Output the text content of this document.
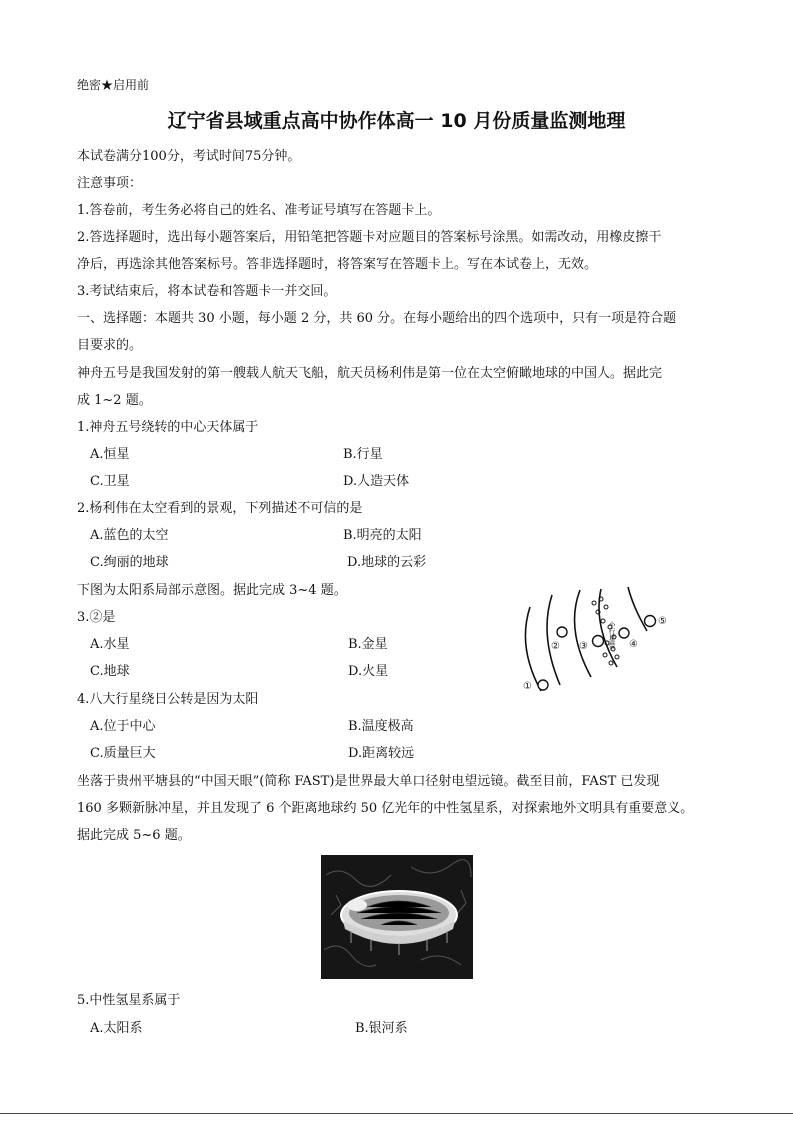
绝密★启用前
辽宁省县域重点高中协作体高一 10 月份质量监测地理
本试卷满分100分，考试时间75分钟。
注意事项：
1.答卷前，考生务必将自己的姓名、准考证号填写在答题卡上。
2.答选择题时，选出每小题答案后，用铅笔把答题卡对应题目的答案标号涂黑。如需改动，用橡皮擦干
净后，再选涂其他答案标号。答非选择题时，将答案写在答题卡上。写在本试卷上，无效。
3.考试结束后，将本试卷和答题卡一并交回。
一、选择题：本题共 30 小题，每小题 2 分，共 60 分。在每小题给出的四个选项中，只有一项是符合题
目要求的。
神舟五号是我国发射的第一艘载人航天飞船，航天员杨利伟是第一位在太空俯瞰地球的中国人。据此完
成 1~2 题。
1.神舟五号绕转的中心天体属于
A.恒星	B.行星
C.卫星	D.人造天体
2.杨利伟在太空看到的景观，下列描述不可信的是
A.蓝色的太空	B.明亮的太阳
C.绚丽的地球	D.地球的云彩
下图为太阳系局部示意图。据此完成 3~4 题。
3.②是
A.水星	B.金星
C.地球	D.火星
小行星带
①
② ③	④
⑤
4.八大行星绕日公转是因为太阳
A.位于中心	B.温度极高
C.质量巨大	D.距离较远
坐落于贵州平塘县的“中国天眼”(简称 FAST)是世界最大单口径射电望远镜。截至目前，FAST 已发现
160 多颗新脉冲星，并且发现了 6 个距离地球约 50 亿光年的中性氢星系，对探索地外文明具有重要意义。
据此完成 5~6 题。
5.中性氢星系属于
A.太阳系	B.银河系
